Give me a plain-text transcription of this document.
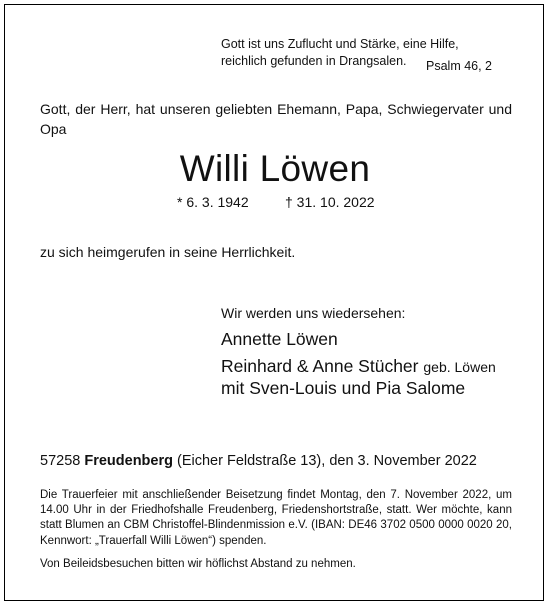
Gott ist uns Zuflucht und Stärke, eine Hilfe,
reichlich gefunden in Drangsalen.	Psalm 46, 2
Gott, der Herr, hat unseren geliebten Ehemann, Papa, Schwiegervater und Opa
Willi Löwen
* 6. 3. 1942	† 31. 10. 2022
zu sich heimgerufen in seine Herrlichkeit.
Wir werden uns wiedersehen:
Annette Löwen
Reinhard & Anne Stücher geb. Löwen
mit Sven-Louis und Pia Salome
57258 Freudenberg (Eicher Feldstraße 13), den 3. November 2022
Die Trauerfeier mit anschließender Beisetzung findet Montag, den 7. November 2022, um 14.00 Uhr in der Friedhofshalle Freudenberg, Friedenshortstraße, statt. Wer möchte, kann statt Blumen an CBM Christoffel-Blindenmission e.V. (IBAN: DE46 3702 0500 0000 0020 20, Kennwort: „Trauerfall Willi Löwen“) spenden.
Von Beileidsbesuchen bitten wir höflichst Abstand zu nehmen.
